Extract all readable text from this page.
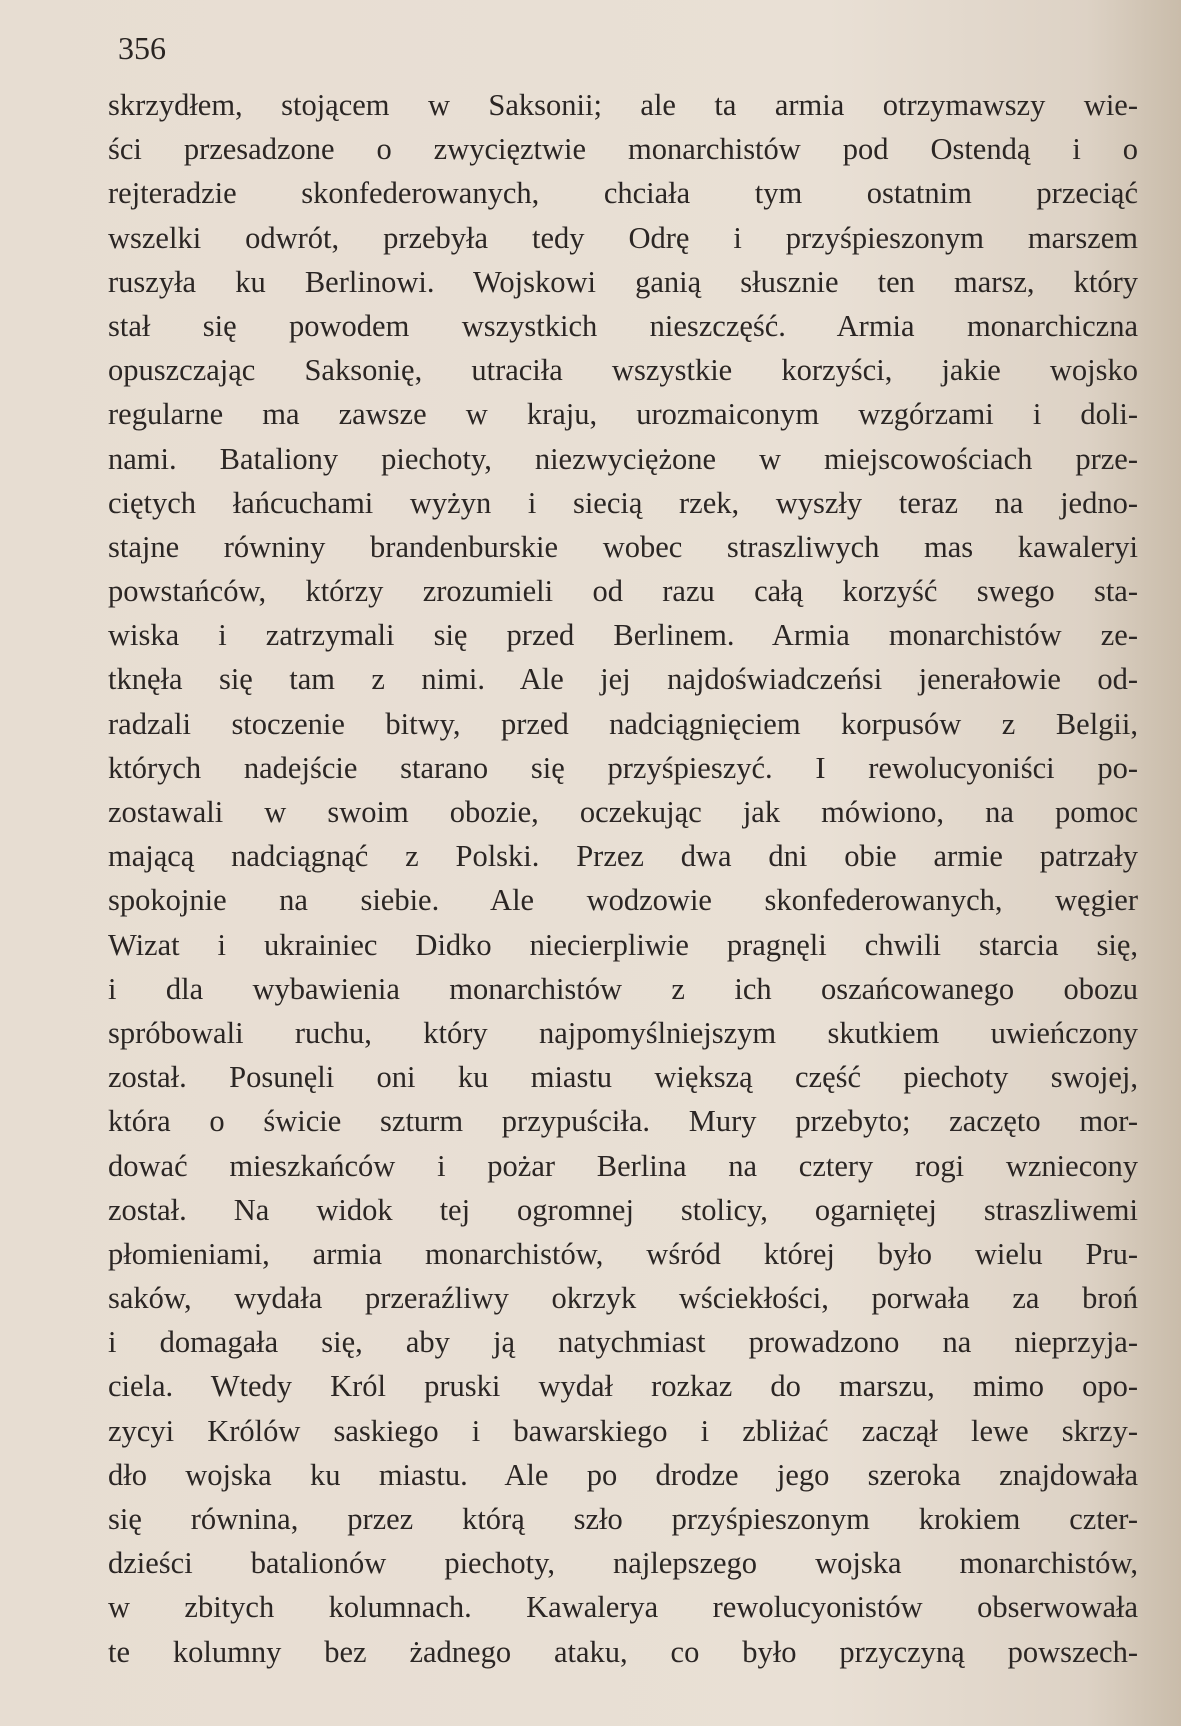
356
skrzydłem, stojącem w Saksonii; ale ta armia otrzymawszy wie-
ści przesadzone o zwycięztwie monarchistów pod Ostendą i o
rejteradzie skonfederowanych, chciała tym ostatnim przeciąć
wszelki odwrót, przebyła tedy Odrę i przyśpieszonym marszem
ruszyła ku Berlinowi. Wojskowi ganią słusznie ten marsz, który
stał się powodem wszystkich nieszczęść. Armia monarchiczna
opuszczając Saksonię, utraciła wszystkie korzyści, jakie wojsko
regularne ma zawsze w kraju, urozmaiconym wzgórzami i doli-
nami. Bataliony piechoty, niezwyciężone w miejscowościach prze-
ciętych łańcuchami wyżyn i siecią rzek, wyszły teraz na jedno-
stajne równiny brandenburskie wobec straszliwych mas kawaleryi
powstańców, którzy zrozumieli od razu całą korzyść swego sta-
wiska i zatrzymali się przed Berlinem. Armia monarchistów ze-
tknęła się tam z nimi. Ale jej najdoświadczeńsi jenerałowie od-
radzali stoczenie bitwy, przed nadciągnięciem korpusów z Belgii,
których nadejście starano się przyśpieszyć. I rewolucyoniści po-
zostawali w swoim obozie, oczekując jak mówiono, na pomoc
mającą nadciągnąć z Polski. Przez dwa dni obie armie patrzały
spokojnie na siebie. Ale wodzowie skonfederowanych, węgier
Wizat i ukrainiec Didko niecierpliwie pragnęli chwili starcia się,
i dla wybawienia monarchistów z ich oszańcowanego obozu
spróbowali ruchu, który najpomyślniejszym skutkiem uwieńczony
został. Posunęli oni ku miastu większą część piechoty swojej,
która o świcie szturm przypuściła. Mury przebyto; zaczęto mor-
dować mieszkańców i pożar Berlina na cztery rogi wzniecony
został. Na widok tej ogromnej stolicy, ogarniętej straszliwemi
płomieniami, armia monarchistów, wśród której było wielu Pru-
saków, wydała przeraźliwy okrzyk wściekłości, porwała za broń
i domagała się, aby ją natychmiast prowadzono na nieprzyja-
ciela. Wtedy Król pruski wydał rozkaz do marszu, mimo opo-
zycyi Królów saskiego i bawarskiego i zbliżać zaczął lewe skrzy-
dło wojska ku miastu. Ale po drodze jego szeroka znajdowała
się równina, przez którą szło przyśpieszonym krokiem czter-
dzieści batalionów piechoty, najlepszego wojska monarchistów,
w zbitych kolumnach. Kawalerya rewolucyonistów obserwowała
te kolumny bez żadnego ataku, co było przyczyną powszech-
